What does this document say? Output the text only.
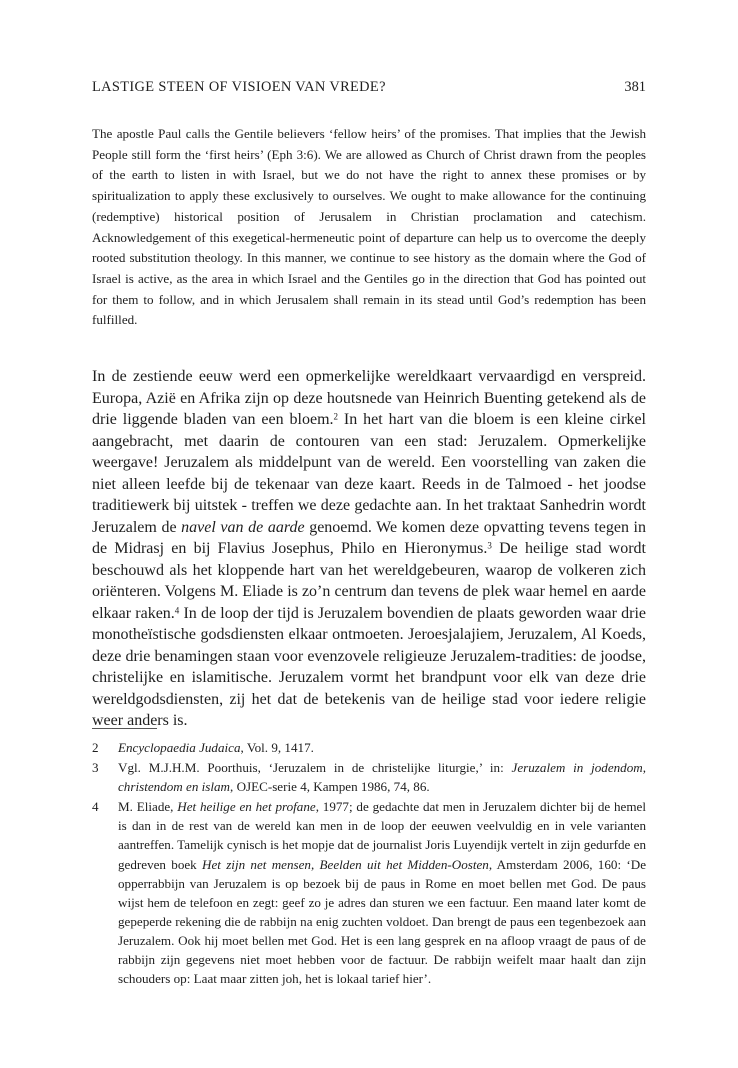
LASTIGE STEEN OF VISIOEN VAN VREDE?	381

The apostle Paul calls the Gentile believers ‘fellow heirs’ of the promises. That implies that the Jewish People still form the ‘first heirs’ (Eph 3:6). We are allowed as Church of Christ drawn from the peoples of the earth to listen in with Israel, but we do not have the right to annex these promises or by spiritualization to apply these exclusively to ourselves. We ought to make allowance for the continuing (redemptive) historical position of Jerusalem in Christian proclamation and catechism. Acknowledgement of this exegetical-hermeneutic point of departure can help us to overcome the deeply rooted substitution theology. In this manner, we continue to see history as the domain where the God of Israel is active, as the area in which Israel and the Gentiles go in the direction that God has pointed out for them to follow, and in which Jerusalem shall remain in its stead until God’s redemption has been fulfilled.

In de zestiende eeuw werd een opmerkelijke wereldkaart vervaardigd en verspreid. Europa, Azië en Afrika zijn op deze houtsnede van Heinrich Buenting getekend als de drie liggende bladen van een bloem.$^2$ In het hart van die bloem is een kleine cirkel aangebracht, met daarin de contouren van een stad: Jeruzalem. Opmerkelijke weergave! Jeruzalem als middelpunt van de wereld. Een voorstelling van zaken die niet alleen leefde bij de tekenaar van deze kaart. Reeds in de Talmoed - het joodse traditiewerk bij uitstek - treffen we deze gedachte aan. In het traktaat Sanhedrin wordt Jeruzalem de navel van de aarde genoemd. We komen deze opvatting tevens tegen in de Midrasj en bij Flavius Josephus, Philo en Hieronymus.$^3$ De heilige stad wordt beschouwd als het kloppende hart van het wereldgebeuren, waarop de volkeren zich oriënteren. Volgens M. Eliade is zo’n centrum dan tevens de plek waar hemel en aarde elkaar raken.$^4$ In de loop der tijd is Jeruzalem bovendien de plaats geworden waar drie monotheïstische godsdiensten elkaar ontmoeten. Jeroesjalajiem, Jeruzalem, Al Koeds, deze drie benamingen staan voor evenzovele religieuze Jeruzalem-tradities: de joodse, christelijke en islamitische. Jeruzalem vormt het brandpunt voor elk van deze drie wereldgodsdiensten, zij het dat de betekenis van de heilige stad voor iedere religie weer anders is.

2 Encyclopaedia Judaica, Vol. 9, 1417.
3 Vgl. M.J.H.M. Poorthuis, ‘Jeruzalem in de christelijke liturgie,’ in: Jeruzalem in jodendom, christendom en islam, OJEC-serie 4, Kampen 1986, 74, 86.
4 M. Eliade, Het heilige en het profane, 1977; de gedachte dat men in Jeruzalem dichter bij de hemel is dan in de rest van de wereld kan men in de loop der eeuwen veelvuldig en in vele varianten aantreffen. Tamelijk cynisch is het mopje dat de journalist Joris Luyendijk vertelt in zijn gedurfde en gedreven boek Het zijn net mensen, Beelden uit het Midden-Oosten, Amsterdam 2006, 160: ‘De opperrabbijn van Jeruzalem is op bezoek bij de paus in Rome en moet bellen met God. De paus wijst hem de telefoon en zegt: geef zo je adres dan sturen we een factuur. Een maand later komt de gepeperde rekening die de rabbijn na enig zuchten voldoet. Dan brengt de paus een tegenbezoek aan Jeruzalem. Ook hij moet bellen met God. Het is een lang gesprek en na afloop vraagt de paus of de rabbijn zijn gegevens niet moet hebben voor de factuur. De rabbijn weifelt maar haalt dan zijn schouders op: Laat maar zitten joh, het is lokaal tarief hier’.
